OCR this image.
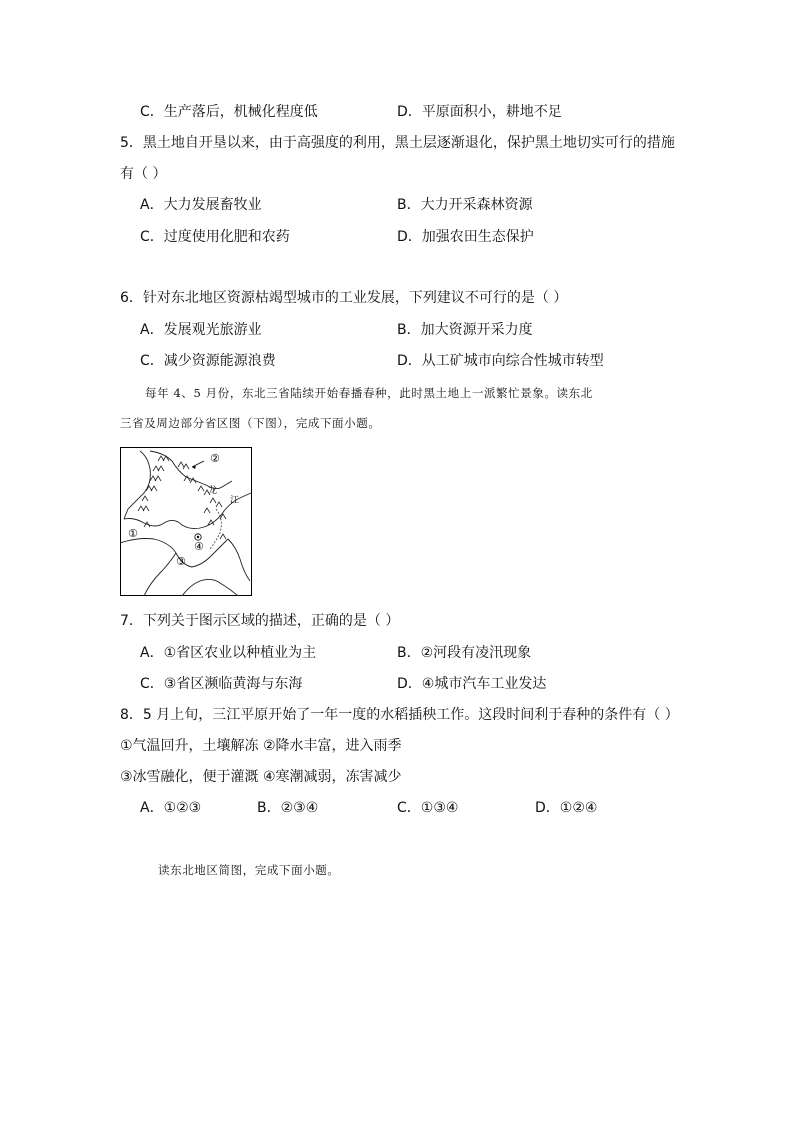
C．生产落后，机械化程度低	D．平原面积小，耕地不足
5．黑土地自开垦以来，由于高强度的利用，黑土层逐渐退化，保护黑土地切实可行的措施
有（ ）
A．大力发展畜牧业	B．大力开采森林资源
C．过度使用化肥和农药	D．加强农田生态保护
6．针对东北地区资源枯竭型城市的工业发展，下列建议不可行的是（ ）
A．发展观光旅游业	B．加大资源开采力度
C．减少资源能源浪费	D．从工矿城市向综合性城市转型
每年 4、5 月份，东北三省陆续开始春播春种，此时黑土地上一派繁忙景象。读东北
三省及周边部分省区图（下图），完成下面小题。
②
①
③
④
龙
江
7．下列关于图示区域的描述，正确的是（ ）
A．①省区农业以种植业为主	B．②河段有凌汛现象
C．③省区濒临黄海与东海	D．④城市汽车工业发达
8．5 月上旬，三江平原开始了一年一度的水稻插秧工作。这段时间利于春种的条件有（ ）
①气温回升，土壤解冻 ②降水丰富，进入雨季
③冰雪融化，便于灌溉 ④寒潮减弱，冻害减少
A．①②③	B．②③④	C．①③④	D．①②④
读东北地区简图，完成下面小题。
